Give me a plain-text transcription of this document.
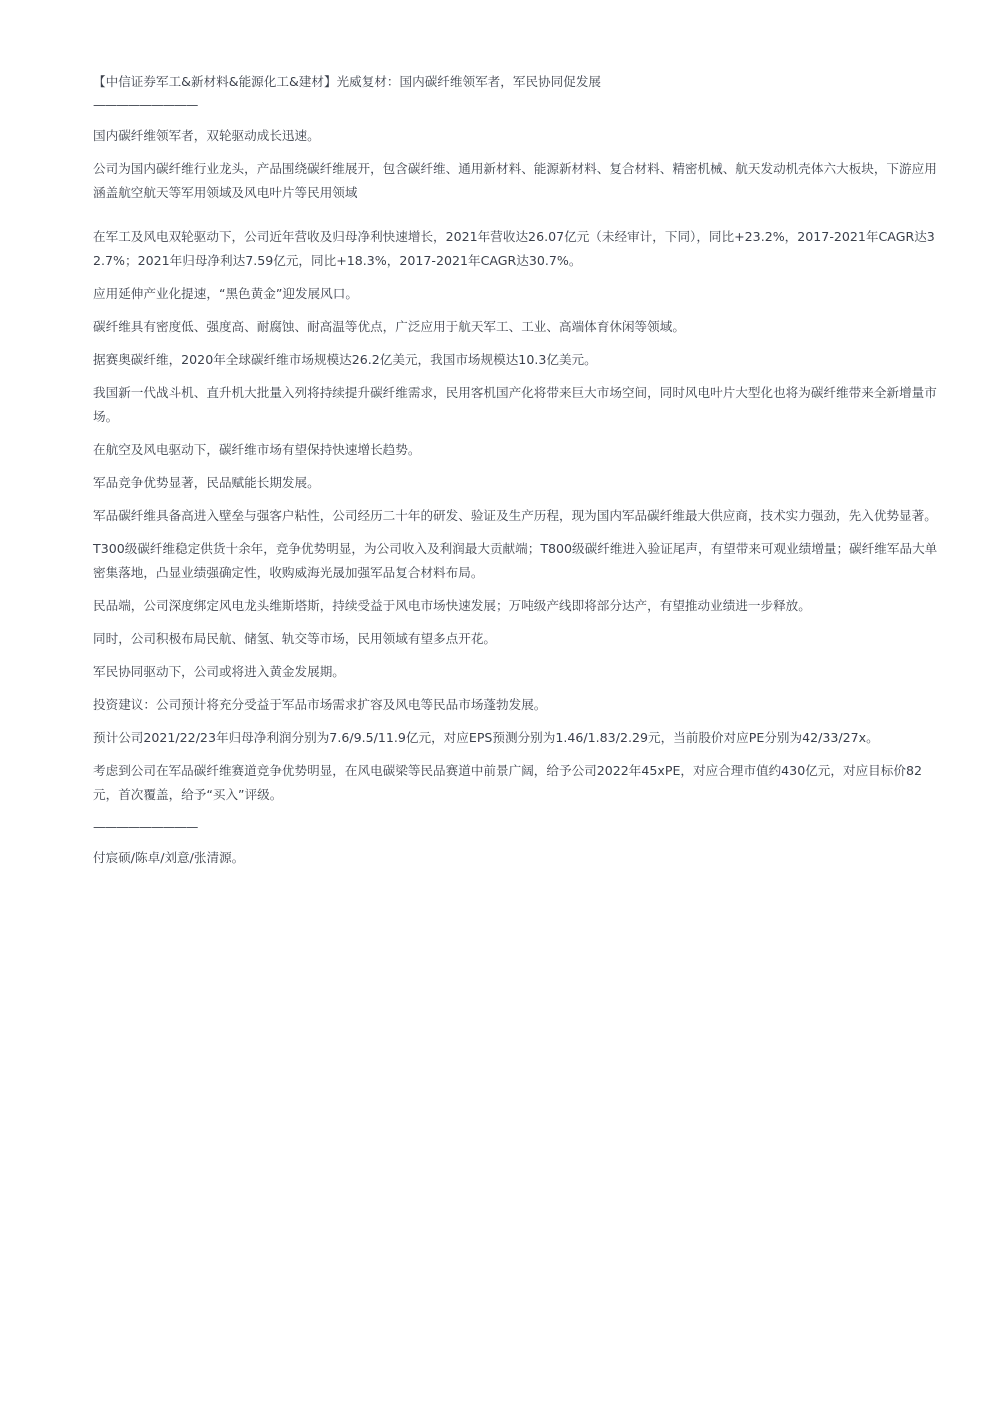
【中信证券军工&新材料&能源化工&建材】光威复材：国内碳纤维领军者，军民协同促发展
—————————
国内碳纤维领军者，双轮驱动成长迅速。
公司为国内碳纤维行业龙头，产品围绕碳纤维展开，包含碳纤维、通用新材料、能源新材料、复合材料、精密机械、航天发动机壳体六大板块，下游应用涵盖航空航天等军用领域及风电叶片等民用领域
在军工及风电双轮驱动下，公司近年营收及归母净利快速增长，2021年营收达26.07亿元（未经审计，下同），同比+23.2%，2017-2021年CAGR达32.7%；2021年归母净利达7.59亿元，同比+18.3%，2017-2021年CAGR达30.7%。
应用延伸产业化提速，“黑色黄金”迎发展风口。
碳纤维具有密度低、强度高、耐腐蚀、耐高温等优点，广泛应用于航天军工、工业、高端体育休闲等领域。
据赛奥碳纤维，2020年全球碳纤维市场规模达26.2亿美元，我国市场规模达10.3亿美元。
我国新一代战斗机、直升机大批量入列将持续提升碳纤维需求，民用客机国产化将带来巨大市场空间，同时风电叶片大型化也将为碳纤维带来全新增量市场。
在航空及风电驱动下，碳纤维市场有望保持快速增长趋势。
军品竞争优势显著，民品赋能长期发展。
军品碳纤维具备高进入壁垒与强客户粘性，公司经历二十年的研发、验证及生产历程，现为国内军品碳纤维最大供应商，技术实力强劲，先入优势显著。
T300级碳纤维稳定供货十余年，竞争优势明显，为公司收入及利润最大贡献端；T800级碳纤维进入验证尾声，有望带来可观业绩增量；碳纤维军品大单密集落地，凸显业绩强确定性，收购威海光晟加强军品复合材料布局。
民品端，公司深度绑定风电龙头维斯塔斯，持续受益于风电市场快速发展；万吨级产线即将部分达产，有望推动业绩进一步释放。
同时，公司积极布局民航、储氢、轨交等市场，民用领域有望多点开花。
军民协同驱动下，公司或将进入黄金发展期。
投资建议：公司预计将充分受益于军品市场需求扩容及风电等民品市场蓬勃发展。
预计公司2021/22/23年归母净利润分别为7.6/9.5/11.9亿元，对应EPS预测分别为1.46/1.83/2.29元，当前股价对应PE分别为42/33/27x。
考虑到公司在军品碳纤维赛道竞争优势明显，在风电碳梁等民品赛道中前景广阔，给予公司2022年45xPE，对应合理市值约430亿元，对应目标价82元，首次覆盖，给予“买入”评级。
—————————
付宸硕/陈卓/刘意/张清源。
